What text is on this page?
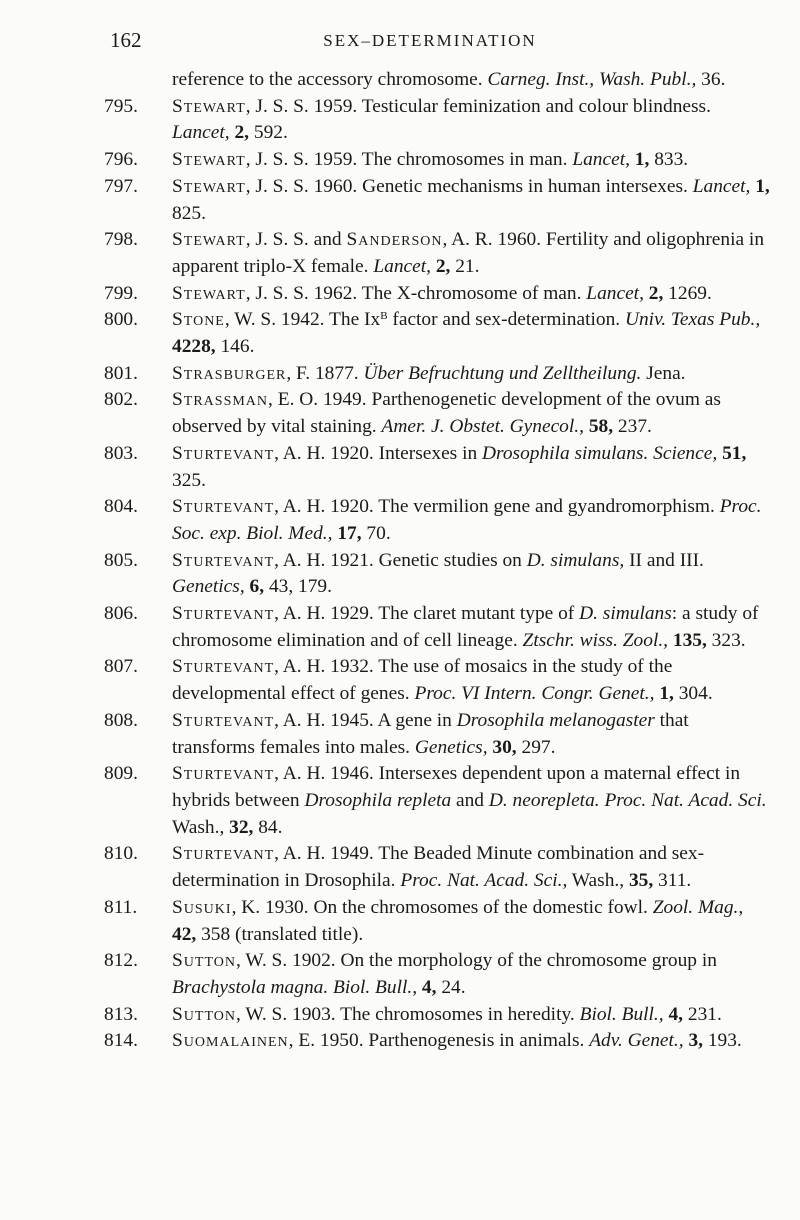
162	SEX–DETERMINATION
reference to the accessory chromosome. Carneg. Inst., Wash. Publ., 36.
795. Stewart, J. S. S. 1959. Testicular feminization and colour blindness. Lancet, 2, 592.
796. Stewart, J. S. S. 1959. The chromosomes in man. Lancet, 1, 833.
797. Stewart, J. S. S. 1960. Genetic mechanisms in human intersexes. Lancet, 1, 825.
798. Stewart, J. S. S. and Sanderson, A. R. 1960. Fertility and oligophrenia in apparent triplo-X female. Lancet, 2, 21.
799. Stewart, J. S. S. 1962. The X-chromosome of man. Lancet, 2, 1269.
800. Stone, W. S. 1942. The $Ix^B$ factor and sex-determination. Univ. Texas Pub., 4228, 146.
801. Strasburger, F. 1877. Über Befruchtung und Zelltheilung. Jena.
802. Strassman, E. O. 1949. Parthenogenetic development of the ovum as observed by vital staining. Amer. J. Obstet. Gynecol., 58, 237.
803. Sturtevant, A. H. 1920. Intersexes in Drosophila simulans. Science, 51, 325.
804. Sturtevant, A. H. 1920. The vermilion gene and gyandromorphism. Proc. Soc. exp. Biol. Med., 17, 70.
805. Sturtevant, A. H. 1921. Genetic studies on D. simulans, II and III. Genetics, 6, 43, 179.
806. Sturtevant, A. H. 1929. The claret mutant type of D. simulans: a study of chromosome elimination and of cell lineage. Ztschr. wiss. Zool., 135, 323.
807. Sturtevant, A. H. 1932. The use of mosaics in the study of the developmental effect of genes. Proc. VI Intern. Congr. Genet., 1, 304.
808. Sturtevant, A. H. 1945. A gene in Drosophila melanogaster that transforms females into males. Genetics, 30, 297.
809. Sturtevant, A. H. 1946. Intersexes dependent upon a maternal effect in hybrids between Drosophila repleta and D. neorepleta. Proc. Nat. Acad. Sci. Wash., 32, 84.
810. Sturtevant, A. H. 1949. The Beaded Minute combination and sex-determination in Drosophila. Proc. Nat. Acad. Sci., Wash., 35, 311.
811. Susuki, K. 1930. On the chromosomes of the domestic fowl. Zool. Mag., 42, 358 (translated title).
812. Sutton, W. S. 1902. On the morphology of the chromosome group in Brachystola magna. Biol. Bull., 4, 24.
813. Sutton, W. S. 1903. The chromosomes in heredity. Biol. Bull., 4, 231.
814. Suomalainen, E. 1950. Parthenogenesis in animals. Adv. Genet., 3, 193.
